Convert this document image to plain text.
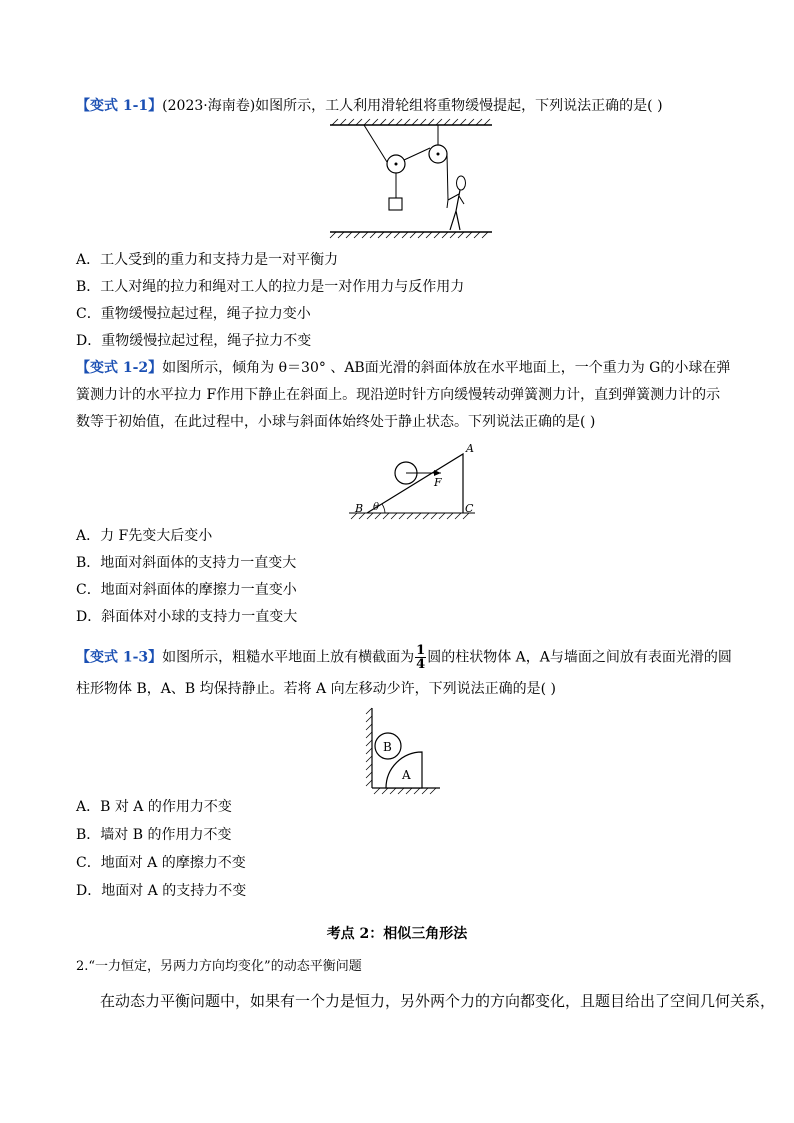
【变式 1-1】(2023·海南卷)如图所示，工人利用滑轮组将重物缓慢提起，下列说法正确的是( )
A．工人受到的重力和支持力是一对平衡力
B．工人对绳的拉力和绳对工人的拉力是一对作用力与反作用力
C．重物缓慢拉起过程，绳子拉力变小
D．重物缓慢拉起过程，绳子拉力不变
【变式 1-2】如图所示，倾角为 θ＝30° 、AB面光滑的斜面体放在水平地面上，一个重力为 G的小球在弹
簧测力计的水平拉力 F作用下静止在斜面上。现沿逆时针方向缓慢转动弹簧测力计，直到弹簧测力计的示
数等于初始值，在此过程中，小球与斜面体始终处于静止状态。下列说法正确的是( )
θ
A
B	C
F
A．力 F先变大后变小
B．地面对斜面体的支持力一直变大
C．地面对斜面体的摩擦力一直变小
D．斜面体对小球的支持力一直变大
【变式 1-3】如图所示，粗糙水平地面上放有横截面为 $\frac{1}{4}$ 圆的柱状物体 A，A与墙面之间放有表面光滑的圆
柱形物体 B，A、B 均保持静止。若将 A 向左移动少许，下列说法正确的是( )
B
A
A．B 对 A 的作用力不变
B．墙对 B 的作用力不变
C．地面对 A 的摩擦力不变
D．地面对 A 的支持力不变
考点 2：相似三角形法
2.“一力恒定，另两力方向均变化”的动态平衡问题
在动态力平衡问题中，如果有一个力是恒力，另外两个力的方向都变化，且题目给出了空间几何关系，
